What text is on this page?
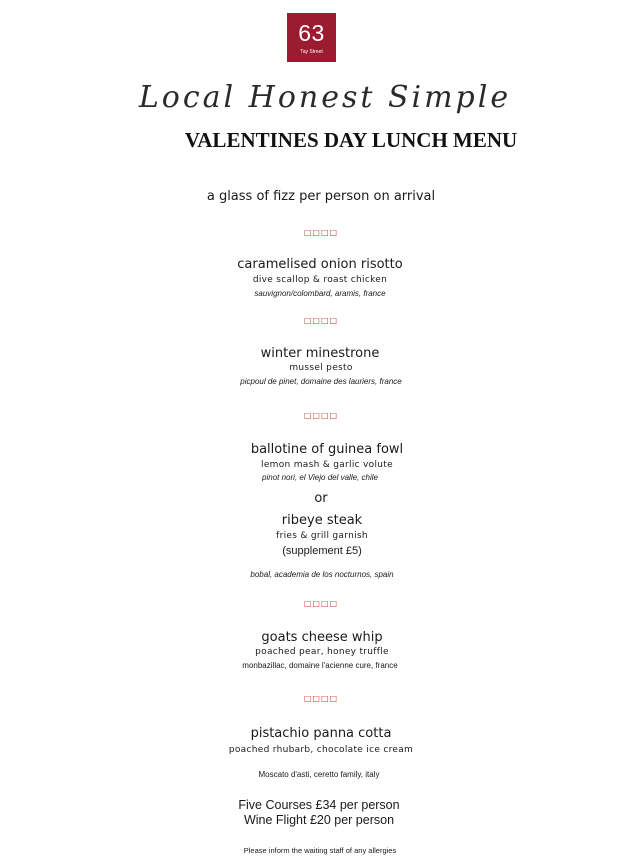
63
Tay Street
Local Honest Simple
VALENTINES DAY LUNCH MENU
a glass of fizz per person on arrival
□□□□
caramelised onion risotto
dive scallop & roast chicken
sauvignon/colombard, aramis, france
□□□□
winter minestrone
mussel pesto
picpoul de pinet, domaine des lauriers, france
□□□□
ballotine of guinea fowl
lemon mash & garlic volute
pinot nori, el Viejo del valle, chile
or
ribeye steak
fries & grill garnish
(supplement £5)
bobal, academia de los nocturnos, spain
□□□□
goats cheese whip
poached pear, honey truffle
monbazillac, domaine l'acienne cure, france
□□□□
pistachio panna cotta
poached rhubarb, chocolate ice cream
Moscato d'asti, ceretto family, italy
Five Courses £34 per person
Wine Flight £20 per person
Please inform the waiting staff of any allergies
